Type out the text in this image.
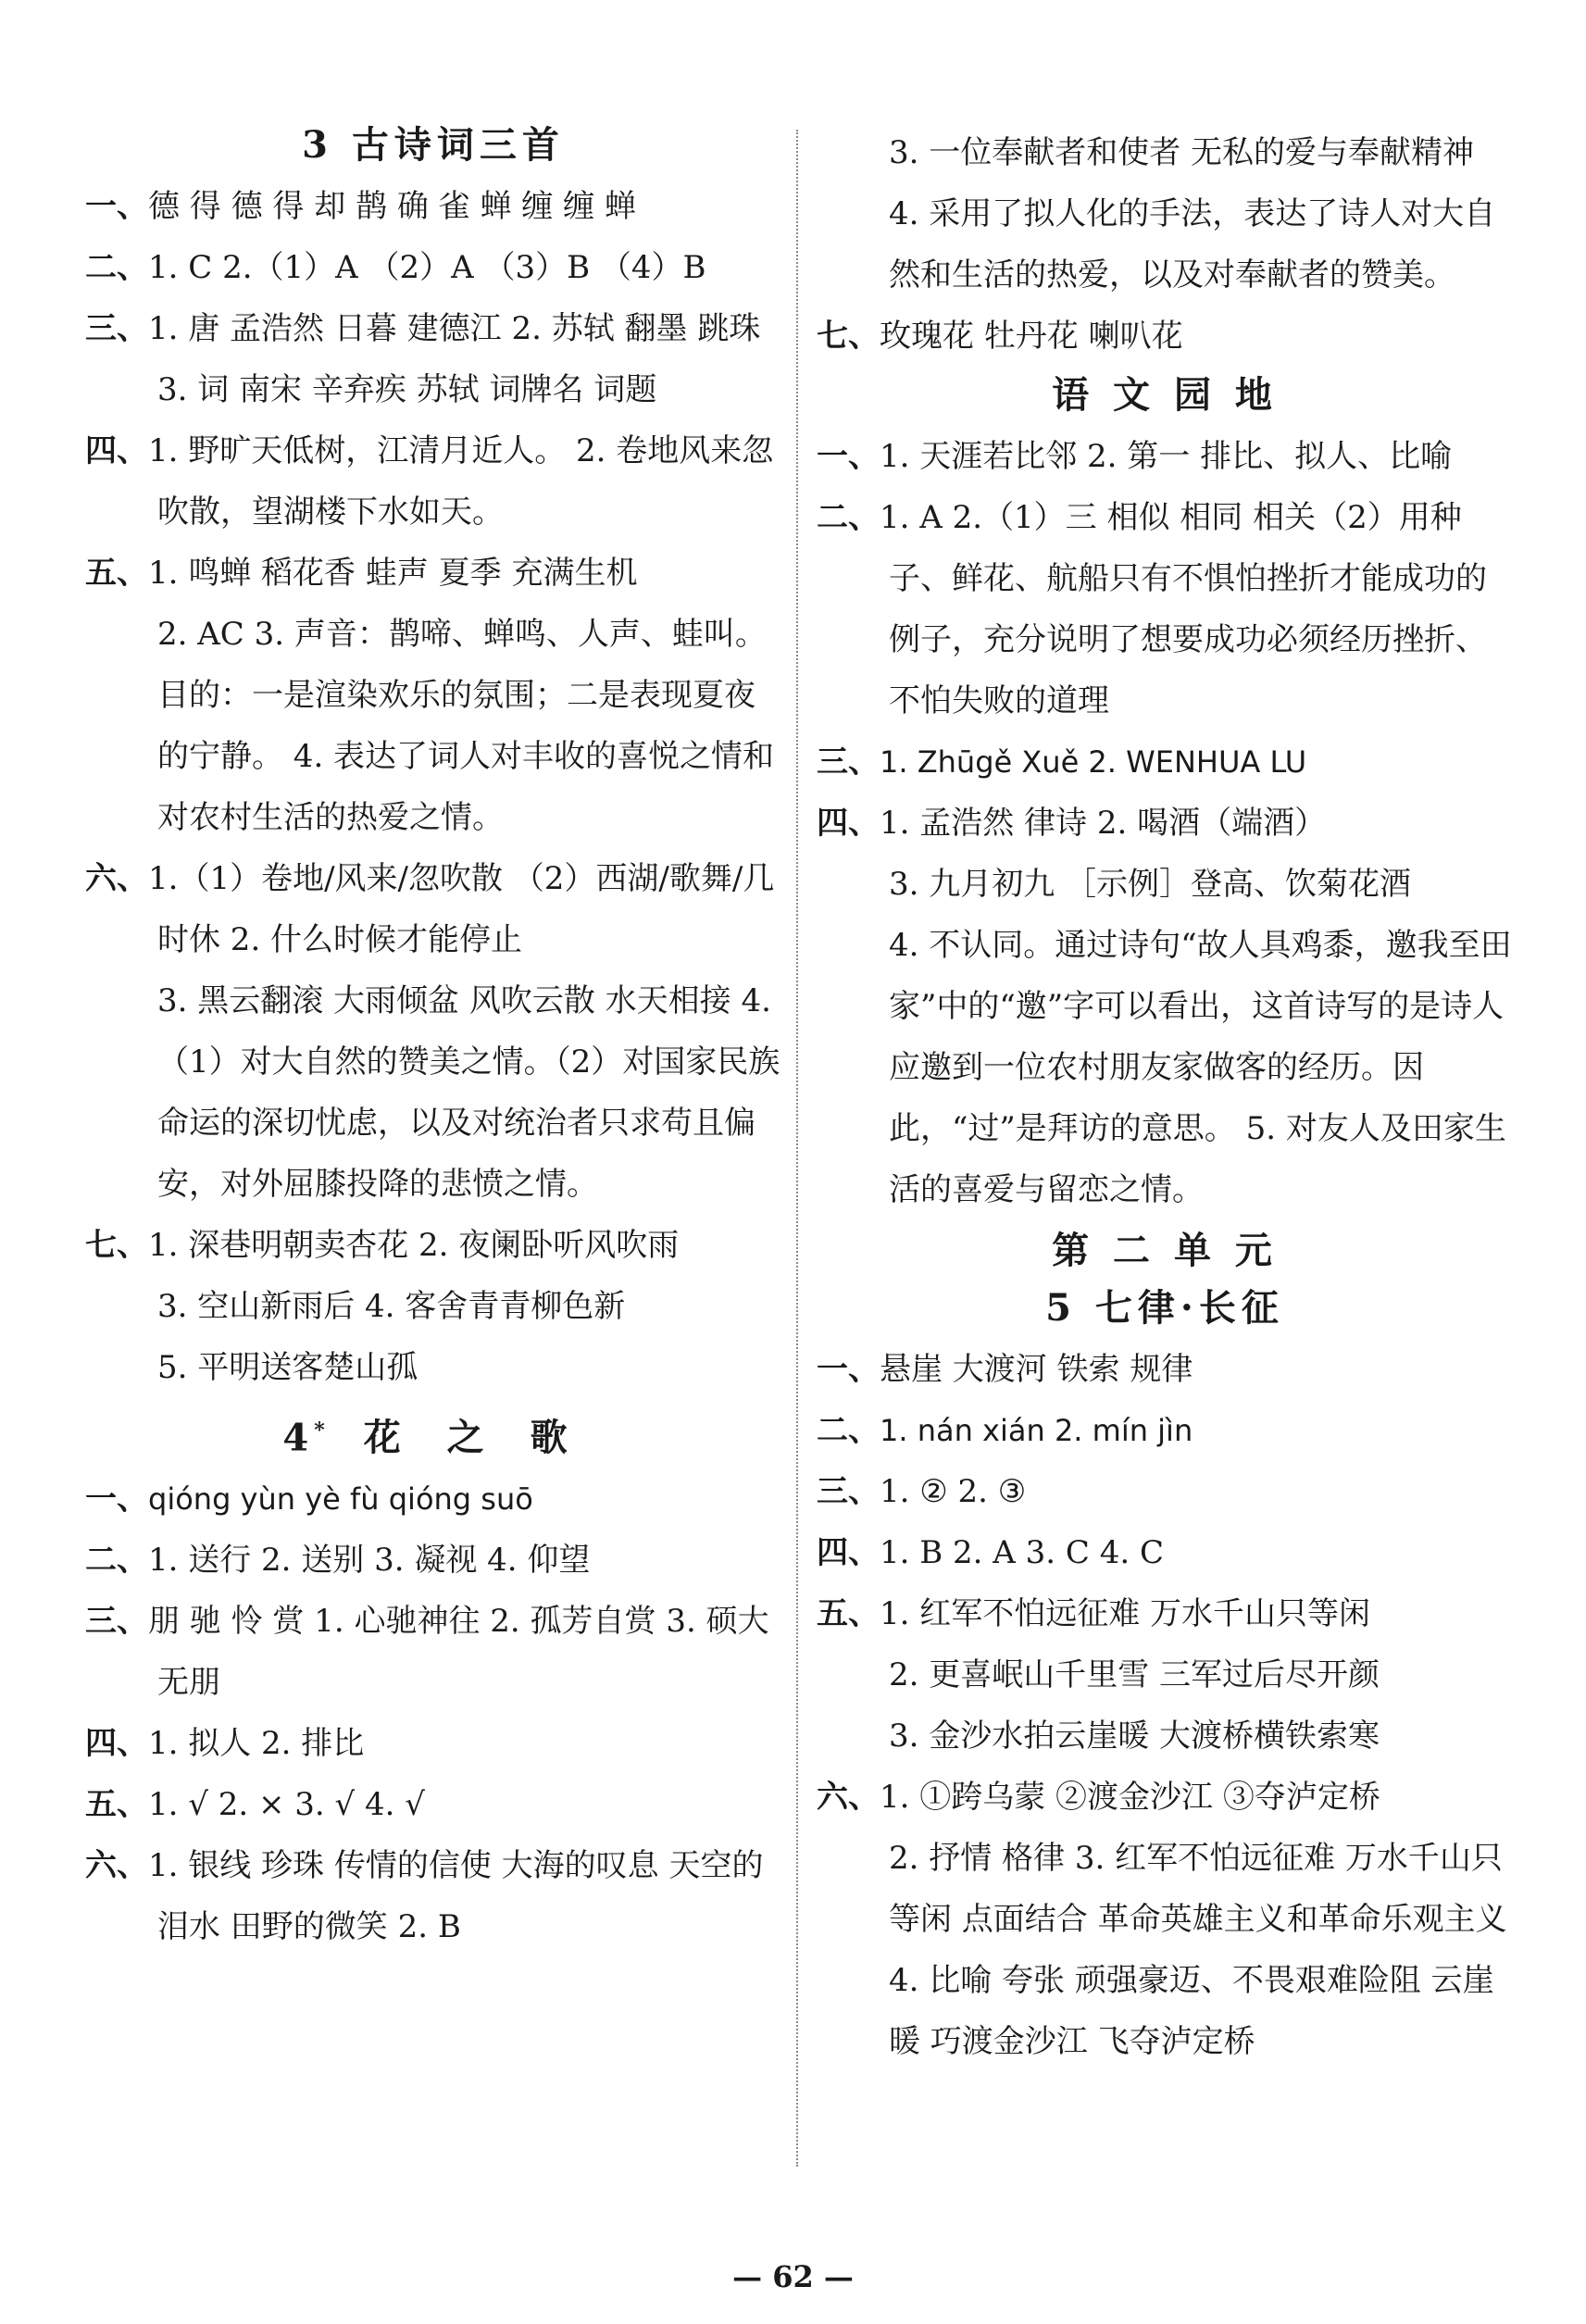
3 古诗词三首

一、德 得 德 得 却 鹊 确 雀 蝉 缠 缠 蝉

二、1. C 2.（1）A （2）A （3）B （4）B

三、1. 唐 孟浩然 日暮 建德江 2. 苏轼 翻墨 跳珠 3. 词 南宋 辛弃疾 苏轼 词牌名 词题

四、1. 野旷天低树，江清月近人。 2. 卷地风来忽吹散，望湖楼下水如天。

五、1. 鸣蝉 稻花香 蛙声 夏季 充满生机

2. AC 3. 声音：鹊啼、蝉鸣、人声、蛙叫。目的：一是渲染欢乐的氛围；二是表现夏夜的宁静。 4. 表达了词人对丰收的喜悦之情和对农村生活的热爱之情。

六、1.（1）卷地/风来/忽吹散 （2）西湖/歌舞/几时休 2. 什么时候才能停止

3. 黑云翻滚 大雨倾盆 风吹云散 水天相接 4.（1）对大自然的赞美之情。（2）对国家民族命运的深切忧虑，以及对统治者只求苟且偏安，对外屈膝投降的悲愤之情。

七、1. 深巷明朝卖杏花 2. 夜阑卧听风吹雨

3. 空山新雨后 4. 客舍青青柳色新

5. 平明送客楚山孤

4* 花 之 歌

一、qióng yùn yè fù qióng suō

二、1. 送行 2. 送别 3. 凝视 4. 仰望

三、朋 驰 怜 赏 1. 心驰神往 2. 孤芳自赏 3. 硕大无朋

四、1. 拟人 2. 排比

五、1. √ 2. × 3. √ 4. √

六、1. 银线 珍珠 传情的信使 大海的叹息 天空的泪水 田野的微笑 2. B

3. 一位奉献者和使者 无私的爱与奉献精神 4. 采用了拟人化的手法，表达了诗人对大自然和生活的热爱，以及对奉献者的赞美。

七、玫瑰花 牡丹花 喇叭花

语 文 园 地

一、1. 天涯若比邻 2. 第一 排比、拟人、比喻

二、1. A 2.（1）三 相似 相同 相关（2）用种子、鲜花、航船只有不惧怕挫折才能成功的例子，充分说明了想要成功必须经历挫折、不怕失败的道理

三、1. Zhūgě Xuě 2. WENHUA LU

四、1. 孟浩然 律诗 2. 喝酒（端酒）

3. 九月初九 ［示例］登高、饮菊花酒

4. 不认同。通过诗句“故人具鸡黍，邀我至田家”中的“邀”字可以看出，这首诗写的是诗人应邀到一位农村朋友家做客的经历。因此，“过”是拜访的意思。 5. 对友人及田家生活的喜爱与留恋之情。

第 二 单 元
5 七律·长征

一、悬崖 大渡河 铁索 规律

二、1. nán xián 2. mín jìn

三、1. ② 2. ③

四、1. B 2. A 3. C 4. C

五、1. 红军不怕远征难 万水千山只等闲

2. 更喜岷山千里雪 三军过后尽开颜

3. 金沙水拍云崖暖 大渡桥横铁索寒

六、1. ①跨乌蒙 ②渡金沙江 ③夺泸定桥

2. 抒情 格律 3. 红军不怕远征难 万水千山只等闲 点面结合 革命英雄主义和革命乐观主义 4. 比喻 夸张 顽强豪迈、不畏艰难险阻 云崖暖 巧渡金沙江 飞夺泸定桥

— 62 —
